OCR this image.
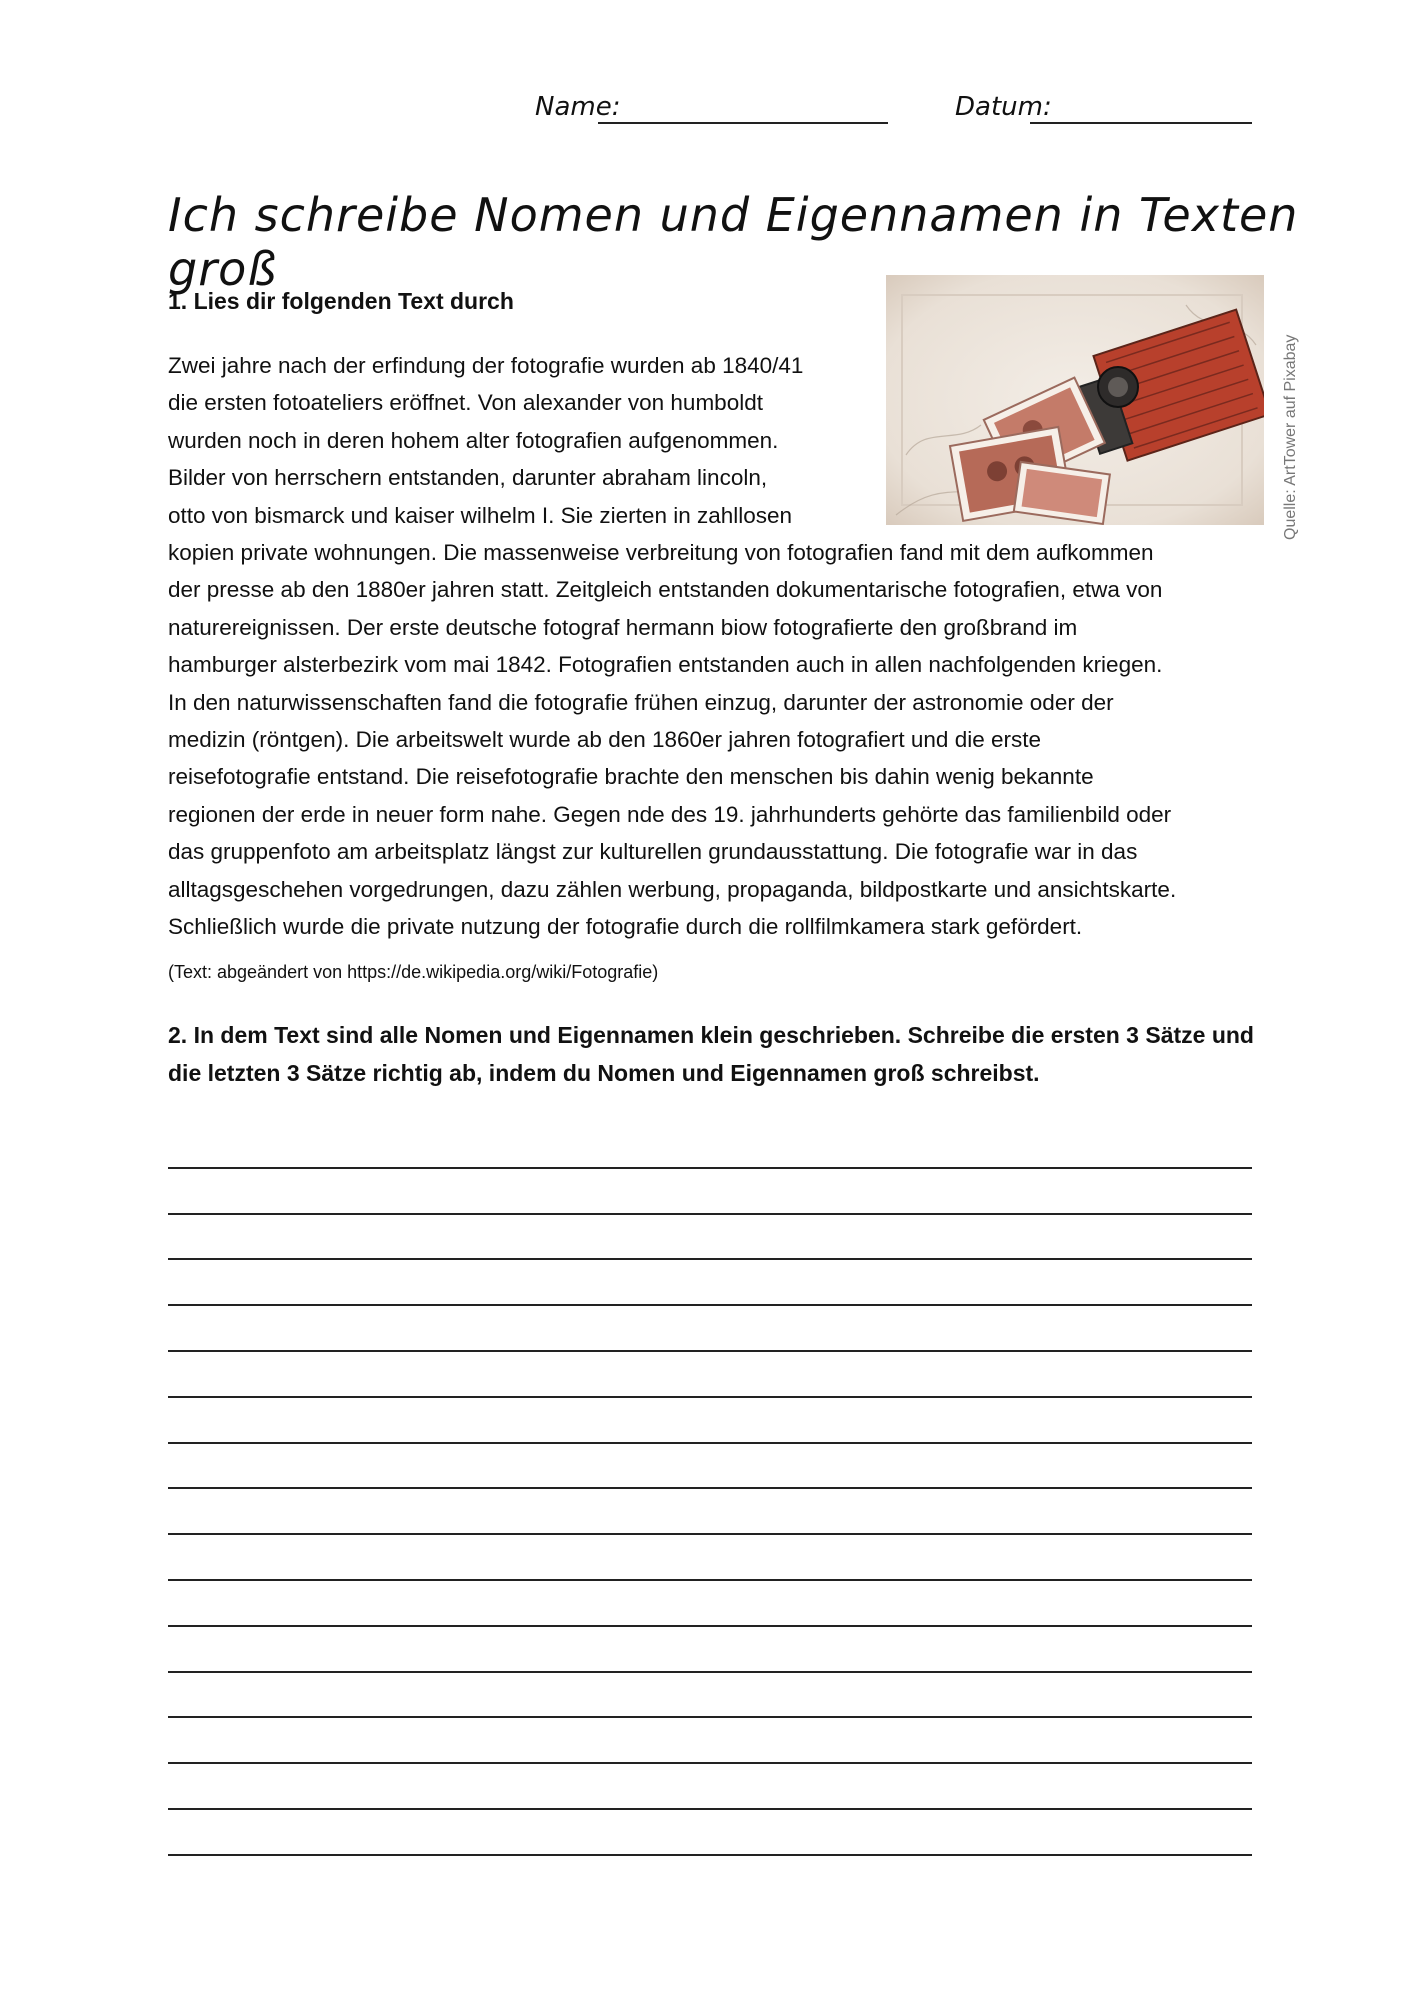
Name:	Datum:
Ich schreibe Nomen und Eigennamen in Texten groß
1. Lies dir folgenden Text durch
Quelle: ArtTower auf Pixabay
Zwei jahre nach der erfindung der fotografie wurden ab 1840/41
die ersten fotoateliers eröffnet. Von alexander von humboldt
wurden noch in deren hohem alter fotografien aufgenommen.
Bilder von herrschern entstanden, darunter abraham lincoln,
otto von bismarck und kaiser wilhelm I. Sie zierten in zahllosen
kopien private wohnungen. Die massenweise verbreitung von fotografien fand mit dem aufkommen
der presse ab den 1880er jahren statt. Zeitgleich entstanden dokumentarische fotografien, etwa von
naturereignissen. Der erste deutsche fotograf hermann biow fotografierte den großbrand im
hamburger alsterbezirk vom mai 1842. Fotografien entstanden auch in allen nachfolgenden kriegen.
In den naturwissenschaften fand die fotografie frühen einzug, darunter der astronomie oder der
medizin (röntgen). Die arbeitswelt wurde ab den 1860er jahren fotografiert und die erste
reisefotografie entstand. Die reisefotografie brachte den menschen bis dahin wenig bekannte
regionen der erde in neuer form nahe. Gegen nde des 19. jahrhunderts gehörte das familienbild oder
das gruppenfoto am arbeitsplatz längst zur kulturellen grundausstattung. Die fotografie war in das
alltagsgeschehen vorgedrungen, dazu zählen werbung, propaganda, bildpostkarte und ansichtskarte.
Schließlich wurde die private nutzung der fotografie durch die rollfilmkamera stark gefördert.
(Text: abgeändert von https://de.wikipedia.org/wiki/Fotografie)
2. In dem Text sind alle Nomen und Eigennamen klein geschrieben. Schreibe die ersten 3 Sätze und die letzten 3 Sätze richtig ab, indem du Nomen und Eigennamen groß schreibst.
